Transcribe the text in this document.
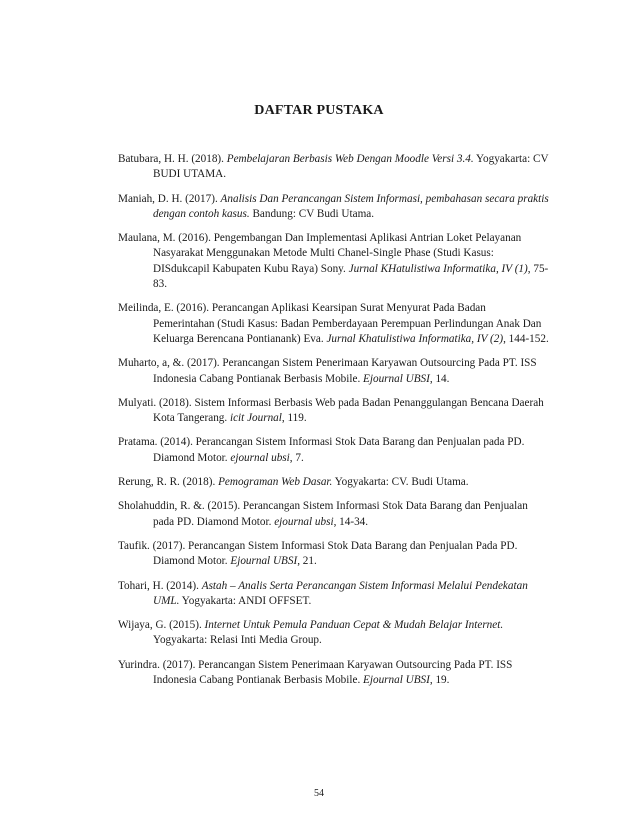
DAFTAR PUSTAKA

Batubara, H. H. (2018). Pembelajaran Berbasis Web Dengan Moodle Versi 3.4. Yogyakarta: CV BUDI UTAMA.

Maniah, D. H. (2017). Analisis Dan Perancangan Sistem Informasi, pembahasan secara praktis dengan contoh kasus. Bandung: CV Budi Utama.

Maulana, M. (2016). Pengembangan Dan Implementasi Aplikasi Antrian Loket Pelayanan Nasyarakat Menggunakan Metode Multi Chanel-Single Phase (Studi Kasus: DISdukcapil Kabupaten Kubu Raya) Sony. Jurnal KHatulistiwa Informatika, IV (1), 75-83.

Meilinda, E. (2016). Perancangan Aplikasi Kearsipan Surat Menyurat Pada Badan Pemerintahan (Studi Kasus: Badan Pemberdayaan Perempuan Perlindungan Anak Dan Keluarga Berencana Pontianank) Eva. Jurnal Khatulistiwa Informatika, IV (2), 144-152.

Muharto, a, &. (2017). Perancangan Sistem Penerimaan Karyawan Outsourcing Pada PT. ISS Indonesia Cabang Pontianak Berbasis Mobile. Ejournal UBSI, 14.

Mulyati. (2018). Sistem Informasi Berbasis Web pada Badan Penanggulangan Bencana Daerah Kota Tangerang. icit Journal, 119.

Pratama. (2014). Perancangan Sistem Informasi Stok Data Barang dan Penjualan pada PD. Diamond Motor. ejournal ubsi, 7.

Rerung, R. R. (2018). Pemograman Web Dasar. Yogyakarta: CV. Budi Utama.

Sholahuddin, R. &. (2015). Perancangan Sistem Informasi Stok Data Barang dan Penjualan pada PD. Diamond Motor. ejournal ubsi, 14-34.

Taufik. (2017). Perancangan Sistem Informasi Stok Data Barang dan Penjualan Pada PD. Diamond Motor. Ejournal UBSI, 21.

Tohari, H. (2014). Astah – Analis Serta Perancangan Sistem Informasi Melalui Pendekatan UML. Yogyakarta: ANDI OFFSET.

Wijaya, G. (2015). Internet Untuk Pemula Panduan Cepat & Mudah Belajar Internet. Yogyakarta: Relasi Inti Media Group.

Yurindra. (2017). Perancangan Sistem Penerimaan Karyawan Outsourcing Pada PT. ISS Indonesia Cabang Pontianak Berbasis Mobile. Ejournal UBSI, 19.

54
